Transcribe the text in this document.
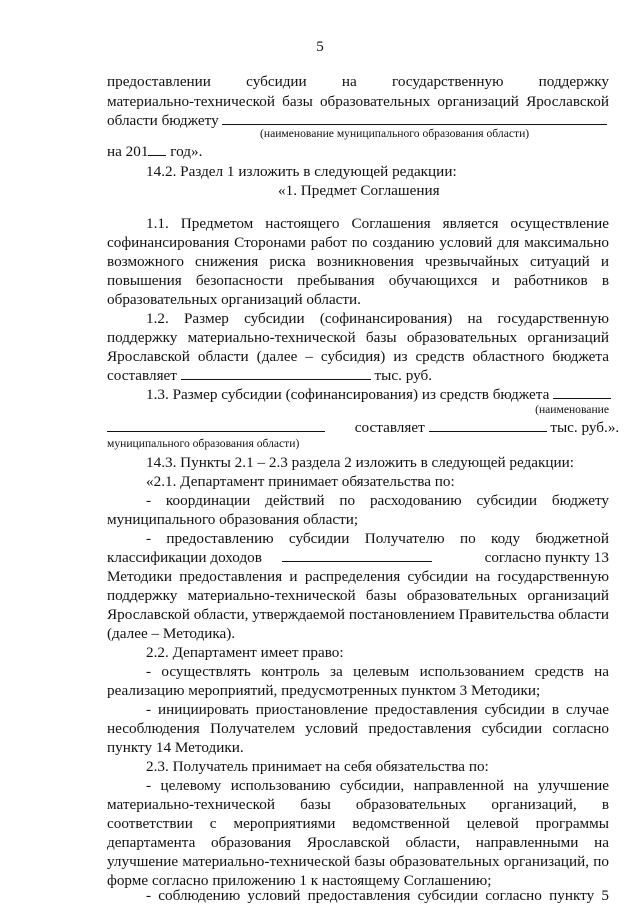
5
предоставлении субсидии на государственную поддержку
материально-технической базы образовательных организаций Ярославской
области бюджету
(наименование муниципального образования области)
на 201 год».
14.2. Раздел 1 изложить в следующей редакции:
«1. Предмет Соглашения
1.1. Предметом настоящего Соглашения является осуществление
софинансирования Сторонами работ по созданию условий для максимально
возможного снижения риска возникновения чрезвычайных ситуаций и
повышения безопасности пребывания обучающихся и работников в
образовательных организаций области.
1.2. Размер субсидии (софинансирования) на государственную
поддержку материально-технической базы образовательных организаций
Ярославской области (далее – субсидия) из средств областного бюджета
составляет	тыс. руб.
1.3. Размер субсидии (софинансирования) из средств бюджета
(наименование
составляет	тыс. руб.».
муниципального образования области)
14.3. Пункты 2.1 – 2.3 раздела 2 изложить в следующей редакции:
«2.1. Департамент принимает обязательства по:
- координации действий по расходованию субсидии бюджету
муниципального образования области;
- предоставлению субсидии Получателю по коду бюджетной
классификации доходов	согласно пункту 13
Методики предоставления и распределения субсидии на государственную
поддержку материально-технической базы образовательных организаций
Ярославской области, утверждаемой постановлением Правительства области
(далее – Методика).
2.2. Департамент имеет право:
- осуществлять контроль за целевым использованием средств на
реализацию мероприятий, предусмотренных пунктом 3 Методики;
- инициировать приостановление предоставления субсидии в случае
несоблюдения Получателем условий предоставления субсидии согласно
пункту 14 Методики.
2.3. Получатель принимает на себя обязательства по:
- целевому использованию субсидии, направленной на улучшение
материально-технической базы образовательных организаций, в
соответствии с мероприятиями ведомственной целевой программы
департамента образования Ярославской области, направленными на
улучшение материально-технической базы образовательных организаций, по
форме согласно приложению 1 к настоящему Соглашению;
- соблюдению условий предоставления субсидии согласно пункту 5
